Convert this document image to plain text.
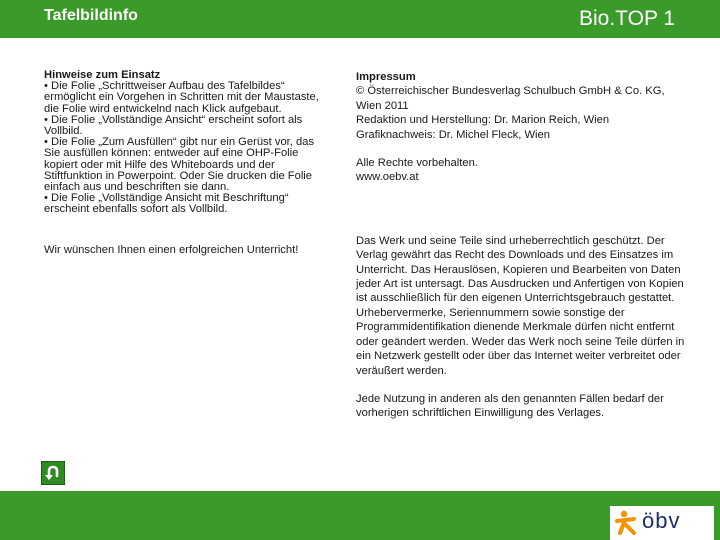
Tafelbildinfo	Bio.TOP 1
Hinweise zum Einsatz

• Die Folie „Schrittweiser Aufbau des Tafelbildes“ ermöglicht ein Vorgehen in Schritten mit der Maustaste, die Folie wird entwickelnd nach Klick aufgebaut.

• Die Folie „Vollständige Ansicht“ erscheint sofort als Vollbild.

• Die Folie „Zum Ausfüllen“ gibt nur ein Gerüst vor, das Sie ausfüllen können: entweder auf eine OHP-Folie kopiert oder mit Hilfe des Whiteboards und der Stiftfunktion in Powerpoint. Oder Sie drucken die Folie einfach aus und beschriften sie dann.

• Die Folie „Vollständige Ansicht mit Beschriftung“ erscheint ebenfalls sofort als Vollbild.

Wir wünschen Ihnen einen erfolgreichen Unterricht!

Impressum

© Österreichischer Bundesverlag Schulbuch GmbH & Co. KG, Wien 2011

Redaktion und Herstellung: Dr. Marion Reich, Wien

Grafiknachweis: Dr. Michel Fleck, Wien

Alle Rechte vorbehalten.

www.oebv.at

Das Werk und seine Teile sind urheberrechtlich geschützt. Der Verlag gewährt das Recht des Downloads und des Einsatzes im Unterricht. Das Herauslösen, Kopieren und Bearbeiten von Daten jeder Art ist untersagt. Das Ausdrucken und Anfertigen von Kopien ist ausschließlich für den eigenen Unterrichtsgebrauch gestattet. Urhebervermerke, Seriennummern sowie sonstige der Programmidentifikation dienende Merkmale dürfen nicht entfernt oder geändert werden. Weder das Werk noch seine Teile dürfen in ein Netzwerk gestellt oder über das Internet weiter verbreitet oder veräußert werden.

Jede Nutzung in anderen als den genannten Fällen bedarf der vorherigen schriftlichen Einwilligung des Verlages.

öbv
